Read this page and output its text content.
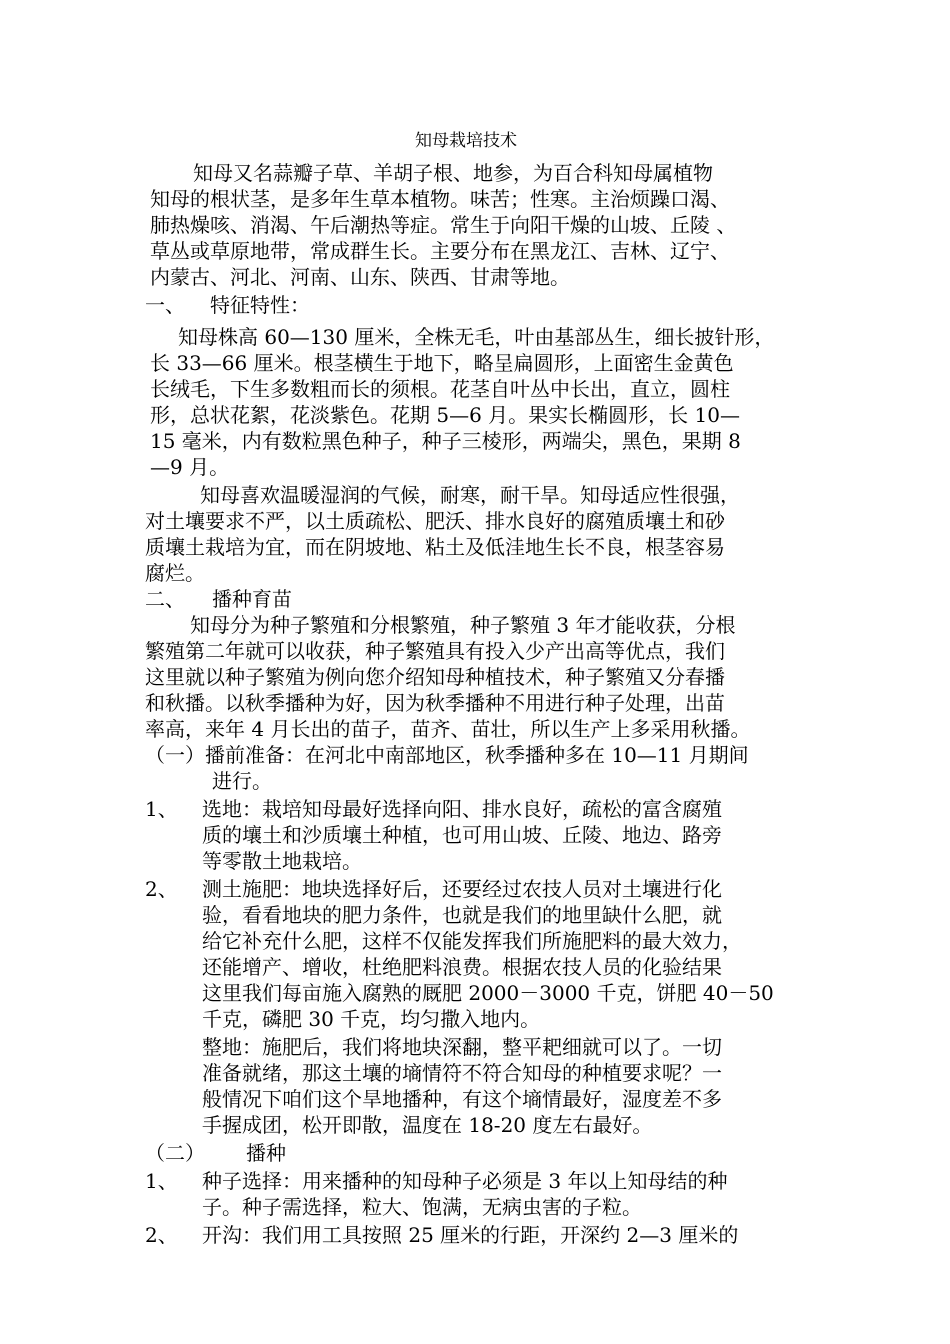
知母栽培技术

知母又名蒜瓣子草、羊胡子根、地参，为百合科知母属植物

知母的根状茎，是多年生草本植物。味苦；性寒。主治烦躁口渴、

肺热燥咳、消渴、午后潮热等症。常生于向阳干燥的山坡、丘陵 、

草丛或草原地带，常成群生长。主要分布在黑龙江、吉林、辽宁、

内蒙古、河北、河南、山东、陕西、甘肃等地。

一、 特征特性：

知母株高 60—130 厘米，全株无毛，叶由基部丛生，细长披针形，

长 33—66 厘米。根茎横生于地下，略呈扁圆形，上面密生金黄色

长绒毛，下生多数粗而长的须根。花茎自叶丛中长出，直立，圆柱

形，总状花絮，花淡紫色。花期 5—6 月。果实长椭圆形，长 10—

15 毫米，内有数粒黑色种子，种子三棱形，两端尖，黑色，果期 8

—9 月。

知母喜欢温暖湿润的气候，耐寒，耐干旱。知母适应性很强，

对土壤要求不严，以土质疏松、肥沃、排水良好的腐殖质壤土和砂

质壤土栽培为宜，而在阴坡地、粘土及低洼地生长不良，根茎容易

腐烂。

二、 播种育苗

知母分为种子繁殖和分根繁殖，种子繁殖 3 年才能收获，分根

繁殖第二年就可以收获，种子繁殖具有投入少产出高等优点，我们

这里就以种子繁殖为例向您介绍知母种植技术，种子繁殖又分春播

和秋播。以秋季播种为好，因为秋季播种不用进行种子处理，出苗

率高，来年 4 月长出的苗子，苗齐、苗壮，所以生产上多采用秋播。

（一）播前准备：在河北中南部地区，秋季播种多在 10—11 月期间

进行。

1、 选地：栽培知母最好选择向阳、排水良好，疏松的富含腐殖

质的壤土和沙质壤土种植，也可用山坡、丘陵、地边、路旁

等零散土地栽培。

2、 测土施肥：地块选择好后，还要经过农技人员对土壤进行化

验，看看地块的肥力条件，也就是我们的地里缺什么肥，就

给它补充什么肥，这样不仅能发挥我们所施肥料的最大效力，

还能增产、增收，杜绝肥料浪费。根据农技人员的化验结果

这里我们每亩施入腐熟的厩肥 2000－3000 千克，饼肥 40－50

千克，磷肥 30 千克，均匀撒入地内。

整地：施肥后，我们将地块深翻，整平耙细就可以了。一切

准备就绪，那这土壤的墒情符不符合知母的种植要求呢？一

般情况下咱们这个旱地播种，有这个墒情最好，湿度差不多

手握成团，松开即散，温度在 18-20 度左右最好。

（二） 播种

1、 种子选择：用来播种的知母种子必须是 3 年以上知母结的种

子。种子需选择，粒大、饱满，无病虫害的子粒。

2、 开沟：我们用工具按照 25 厘米的行距，开深约 2—3 厘米的
